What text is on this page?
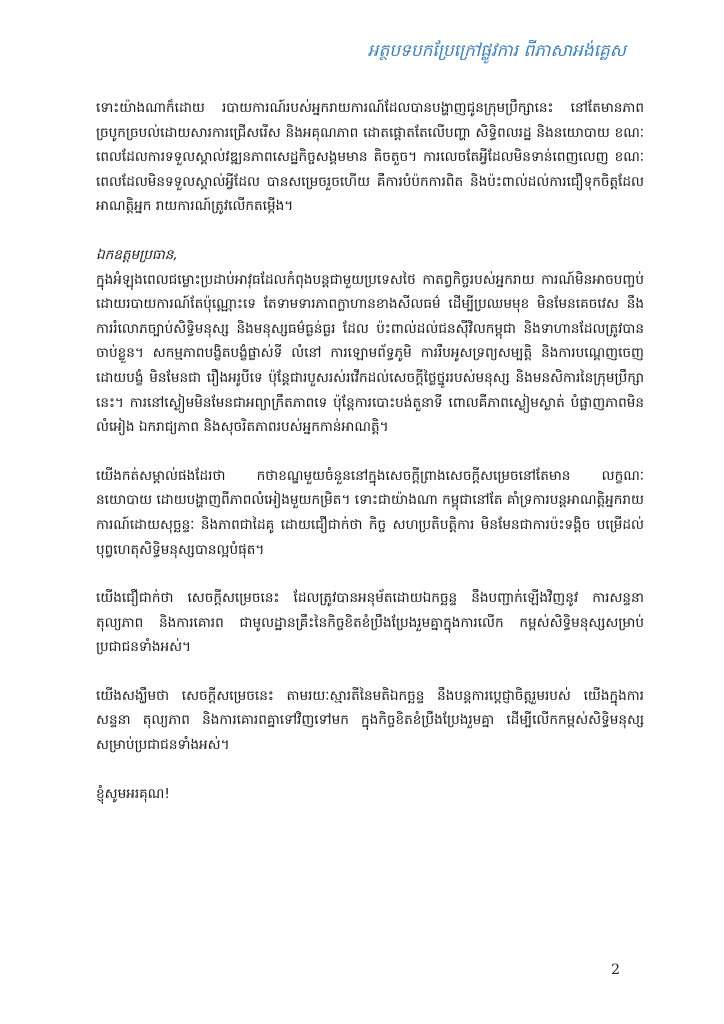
អត្ថបទបកប្រែក្រៅផ្លូវការ ពីភាសាអង់គ្លេស

ទោះយ៉ាងណាក៏ដោយ របាយការណ៍របស់អ្នករាយការណ៍ដែលបានបង្ហាញជូនក្រុមប្រឹក្សានេះ នៅតែមានភាពច្របូកច្របល់ដោយសារការជ្រើសរើស និងអគុណភាព ដោតផ្តោតតែលើបញ្ហា សិទ្ធិពលរដ្ឋ និងនយោបាយ ខណៈពេលដែលការទទួលស្គាល់វឌ្ឍនភាពសេដ្ឋកិច្ចសង្គមមាន តិចតួច។ ការលេចតែអ្វីដែលមិនទាន់ពេញលេញ ខណៈពេលដែលមិនទទួលស្គាល់អ្វីដែល បានសម្រេចរួចហើយ គឺការបំប៉កការពិត និងប៉ះពាល់ដល់ការជឿទុកចិត្តដែលអាណត្តិអ្នក រាយការណ៍ត្រូវលើកតម្កើង។

ឯកឧត្តមប្រធាន,

ក្នុងអំឡុងពេលជម្លោះប្រដាប់អាវុធដែលកំពុងបន្តជាមួយប្រទេសថៃ កាតព្វកិច្ចរបស់អ្នករាយ ការណ៍មិនអាចបញ្ចប់ដោយរបាយការណ៍តែប៉ុណ្ណោះទេ តែទាមទារភាពក្លាហានខាងសីលធម៌ ដើម្បីប្រឈមមុខ មិនមែនគេចវេស នឹងការរំលោភច្បាប់សិទ្ធិមនុស្ស និងមនុស្សធម៌ធ្ងន់ធ្ងរ ដែល ប៉ះពាល់ដល់ជនស៊ីវិលកម្ពុជា និងទាហានដែលត្រូវបានចាប់ខ្លួន។ សកម្មភាពបង្ខិតបង្ខំផ្លាស់ទី លំនៅ ការឡោមព័ទ្ធភូមិ ការរឹបអូសទ្រព្យសម្បត្តិ និងការបណ្ដេញចេញដោយបង្ខំ មិនមែនជា រឿងអរូបីទេ ប៉ុន្តែជារបួសរស់រវើកដល់សេចក្តីថ្លៃថ្នូររបស់មនុស្ស និងមនសិការនៃក្រុមប្រឹក្សា នេះ។ ការនៅស្ងៀមមិនមែនជាអព្យាក្រឹតភាពទេ ប៉ុន្តែការបោះបង់តួនាទី ពោលគឺភាពស្ងៀមស្ងាត់ បំផ្លាញភាពមិនលំអៀង ឯករាជ្យភាព និងសុចរិតភាពរបស់អ្នកកាន់អាណត្តិ។

យើងកត់សម្គាល់ផងដែរថា កថាខណ្ឌមួយចំនួននៅក្នុងសេចក្ដីព្រាងសេចក្ដីសម្រេចនៅតែមាន លក្ខណៈនយោបាយ ដោយបង្ហាញពីភាពលំអៀងមួយកម្រិត។ ទោះជាយ៉ាងណា កម្ពុជានៅតែ គាំទ្រការបន្តអាណត្តិអ្នករាយការណ៍ដោយសុច្ឆន្ទៈ និងភាពជាដៃគូ ដោយជឿជាក់ថា កិច្ច សហប្រតិបត្តិការ មិនមែនជាការប៉ះទង្គិច បម្រើដល់បុព្វហេតុសិទ្ធិមនុស្សបានល្អបំផុត។

យើងជឿជាក់ថា សេចក្ដីសម្រេចនេះ ដែលត្រូវបានអនុម័តដោយឯកច្ឆន្ទ នឹងបញ្ជាក់ឡើងវិញនូវ ការសន្ទនា តុល្យភាព និងការគោរព ជាមូលដ្ឋានគ្រឹះនៃកិច្ចខិតខំប្រឹងប្រែងរួមគ្នាក្នុងការលើក កម្ពស់សិទ្ធិមនុស្សសម្រាប់ប្រជាជនទាំងអស់។

យើងសង្ឃឹមថា សេចក្ដីសម្រេចនេះ តាមរយៈស្មារតីនៃមតិឯកច្ឆន្ទ នឹងបន្តការប្តេជ្ញាចិត្តរួមរបស់ យើងក្នុងការសន្ទនា តុល្យភាព និងការគោរពគ្នាទៅវិញទៅមក ក្នុងកិច្ចខិតខំប្រឹងប្រែងរួមគ្នា ដើម្បីលើកកម្ពស់សិទ្ធិមនុស្សសម្រាប់ប្រជាជនទាំងអស់។

ខ្ញុំសូមអរគុណ!

2
